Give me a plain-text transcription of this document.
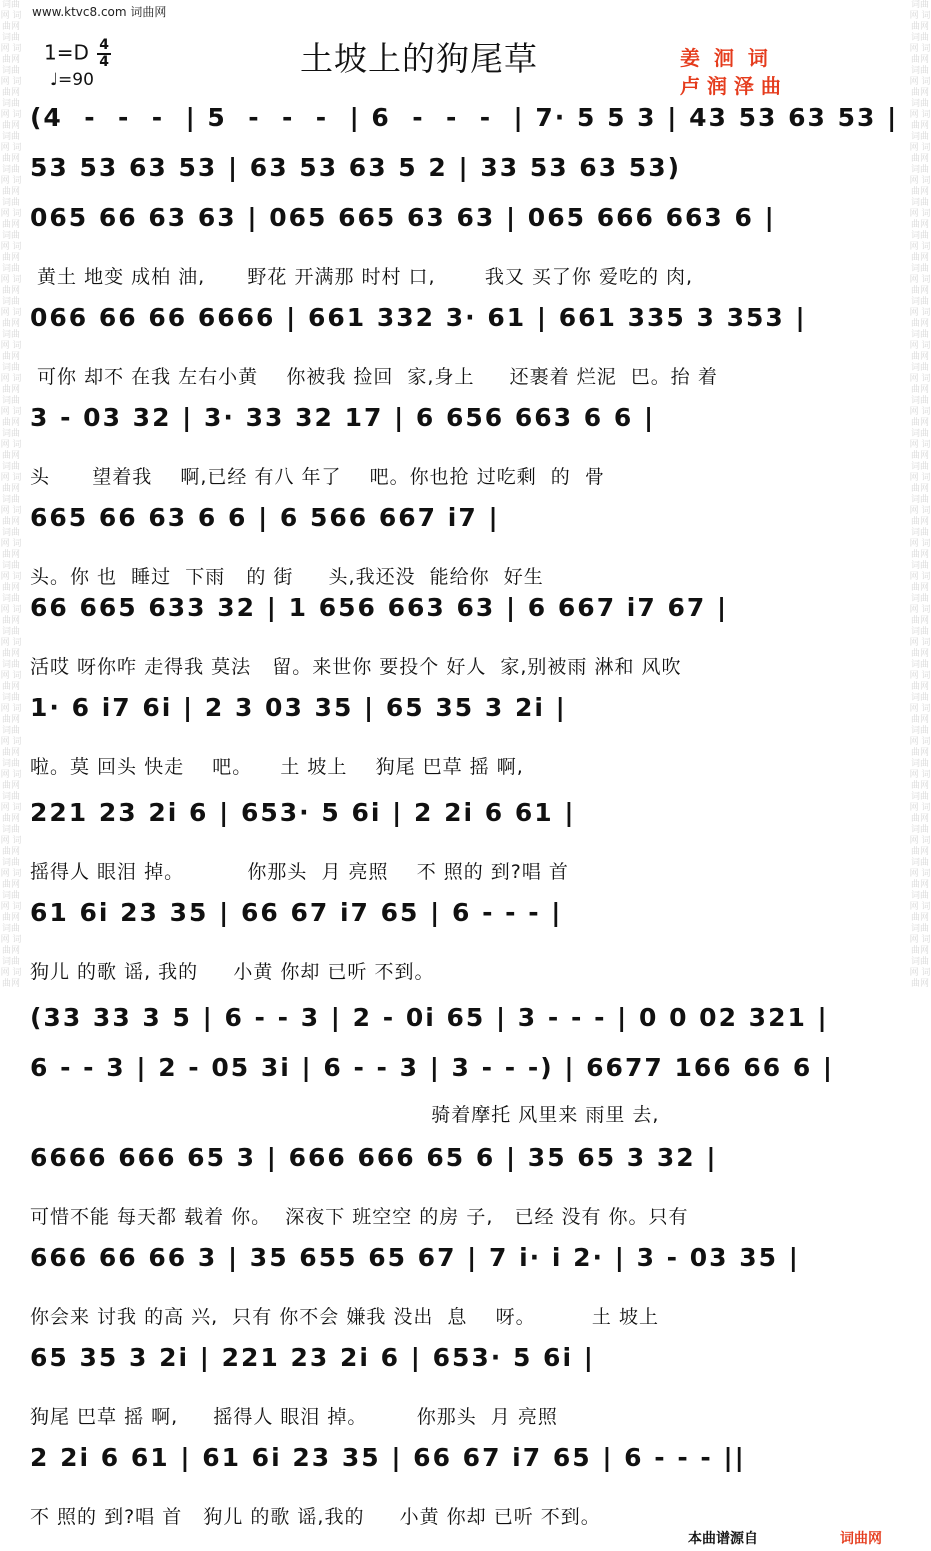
词曲网 词曲网 词曲网 词曲网 词曲网 词曲网 词曲网 词曲网 词曲网 词曲网 词曲网 词曲网 词曲网 词曲网 词曲网 词曲网 词曲网 词曲网 词曲网 词曲网 词曲网 词曲网 词曲网 词曲网 词曲网 词曲网 词曲网 词曲网 词曲网 词曲网 词曲网 词曲网 词曲网 词曲网 词曲网 词曲网 词曲网 词曲网 词曲网 词曲网 词曲网 词曲网 词曲网 词曲网 词曲网 词曲网 词曲网 词曲网 词曲网 词曲网 词曲网 词曲网 词曲网 词曲网 词曲网 词曲网 词曲网 词曲网 词曲网 词曲网
词曲网 词曲网 词曲网 词曲网 词曲网 词曲网 词曲网 词曲网 词曲网 词曲网 词曲网 词曲网 词曲网 词曲网 词曲网 词曲网 词曲网 词曲网 词曲网 词曲网 词曲网 词曲网 词曲网 词曲网 词曲网 词曲网 词曲网 词曲网 词曲网 词曲网 词曲网 词曲网 词曲网 词曲网 词曲网 词曲网 词曲网 词曲网 词曲网 词曲网 词曲网 词曲网 词曲网 词曲网 词曲网 词曲网 词曲网 词曲网 词曲网 词曲网 词曲网 词曲网 词曲网 词曲网 词曲网 词曲网 词曲网 词曲网 词曲网 词曲网
www.ktvc8.com 词曲网
$1=D \frac{4}{4}$
♩=90
土坡上的狗尾草	姜  洄  词
卢 润 泽 曲
(4  -  -  -  | 5  -  -  -  | 6  -  -  -  | 7· 5 5 3 | 43 53 63 53 |
53 53 63 53 | 63 53 63 5 2 | 33 53 63 53)
065 66 63 63 | 065 665 63 63 | 065 666 663 6 |
黄土 地变 成柏 油,      野花 开满那 时村 口,       我又 买了你 爱吃的 肉,
066 66 66 6666 | 661 332 3· 61 | 661 335 3 353 |
可你 却不 在我 左右小黄    你被我 捡回  家,身上     还裹着 烂泥  巴。抬 着
3 - 03 32 | 3· 33 32 17 | 6 656 663 6 6 |
头      望着我    啊,已经 有八 年了    吧。你也抢 过吃剩  的  骨
665 66 63 6 6 | 6 566 667 i7 |
头。你 也  睡过  下雨   的 街     头,我还没  能给你  好生
66 665 633 32 | 1 656 663 63 | 6 667 i7 67 |
活哎 呀你咋 走得我 莫法   留。来世你 要投个 好人  家,别被雨 淋和 风吹
1· 6 i7 6i | 2 3 03 35 | 65 35 3 2i |
啦。莫 回头 快走    吧。    土 坡上    狗尾 巴草 摇 啊,
221 23 2i 6 | 653· 5 6i | 2 2i 6 61 |
摇得人 眼泪 掉。         你那头  月 亮照    不 照的 到?唱 首
61 6i 23 35 | 66 67 i7 65 | 6 - - - |
狗儿 的歌 谣, 我的     小黄 你却 已听 不到。
(33 33 3 5 | 6 - - 3 | 2 - 0i 65 | 3 - - - | 0 0 02 321 |
6 - - 3 | 2 - 05 3i | 6 - - 3 | 3 - - -) | 6677 166 66 6 |
骑着摩托 风里来 雨里 去,
6666 666 65 3 | 666 666 65 6 | 35 65 3 32 |
可惜不能 每天都 载着 你。  深夜下 班空空 的房 子,   已经 没有 你。只有
666 66 66 3 | 35 655 65 67 | 7 i· i 2· | 3 - 03 35 |
你会来 讨我 的高 兴,  只有 你不会 嫌我 没出  息    呀。        土 坡上
65 35 3 2i | 221 23 2i 6 | 653· 5 6i |
狗尾 巴草 摇 啊,     摇得人 眼泪 掉。       你那头  月 亮照
2 2i 6 61 | 61 6i 23 35 | 66 67 i7 65 | 6 - - - ||
不 照的 到?唱 首   狗儿 的歌 谣,我的     小黄 你却 已听 不到。
本曲谱源自	词曲网
